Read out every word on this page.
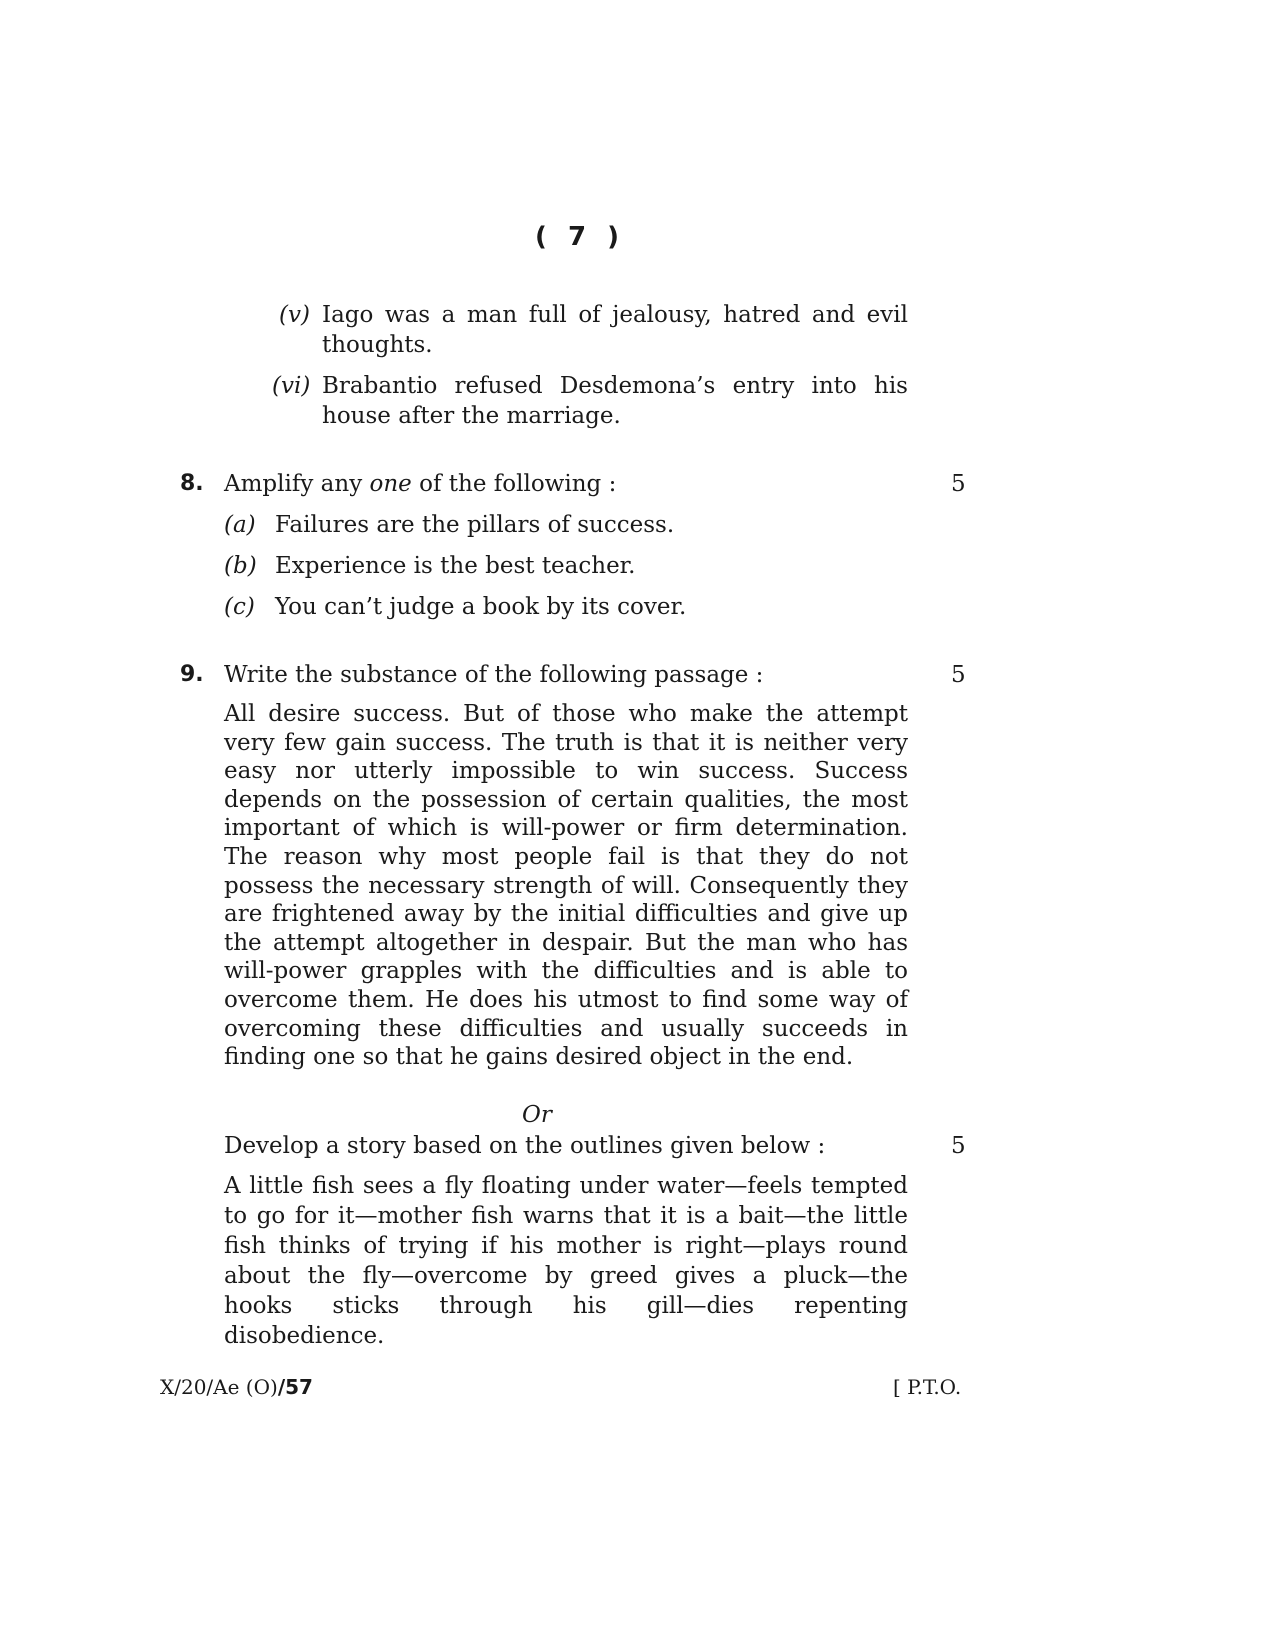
( 7 )
(v) Iago was a man full of jealousy, hatred and evil
thoughts.
(vi) Brabantio refused Desdemona’s entry into his
house after the marriage.
8. Amplify any one of the following :	5
(a) Failures are the pillars of success.
(b) Experience is the best teacher.
(c) You can’t judge a book by its cover.
9. Write the substance of the following passage :	5
All desire success. But of those who make the attempt very few gain success. The truth is that it is neither very easy nor utterly impossible to win success. Success depends on the possession of certain qualities, the most important of which is will-power or firm determination. The reason why most people fail is that they do not possess the necessary strength of will. Consequently they are frightened away by the initial difficulties and give up the attempt altogether in despair. But the man who has will-power grapples with the difficulties and is able to overcome them. He does his utmost to find some way of overcoming these difficulties and usually succeeds in finding one so that he gains desired object in the end.
Or
Develop a story based on the outlines given below :	5
A little fish sees a fly floating under water—feels tempted to go for it—mother fish warns that it is a bait—the little fish thinks of trying if his mother is right—plays round about the fly—overcome by greed gives a pluck—the hooks sticks through his gill—dies repenting disobedience.
X/20/Ae (O)/57	[ P.T.O.
